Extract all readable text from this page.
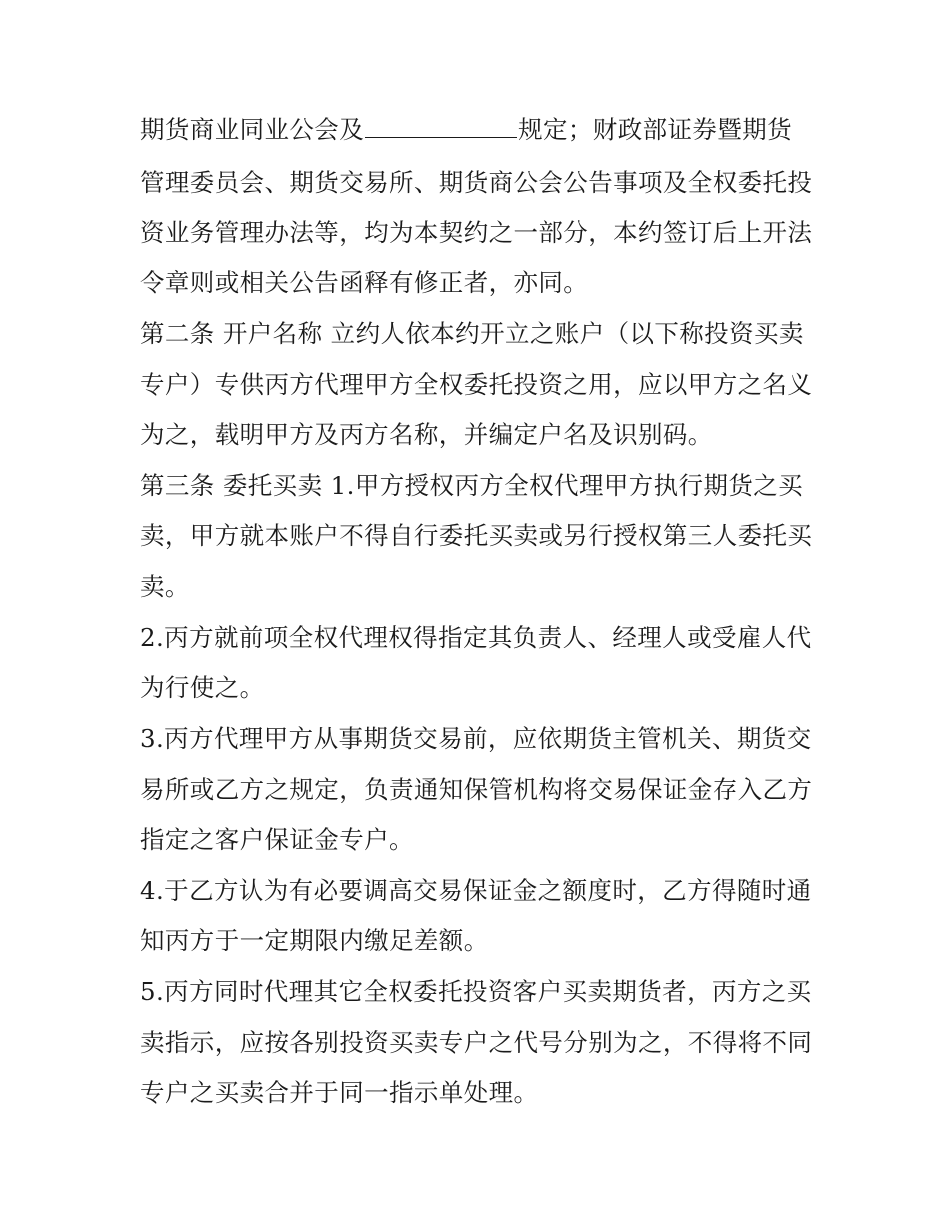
期货商业同业公会及	规定；财政部证券暨期货
管理委员会、期货交易所、期货商公会公告事项及全权委托投
资业务管理办法等，均为本契约之一部分，本约签订后上开法
令章则或相关公告函释有修正者，亦同。
第二条 开户名称 立约人依本约开立之账户（以下称投资买卖
专户）专供丙方代理甲方全权委托投资之用，应以甲方之名义
为之，载明甲方及丙方名称，并编定户名及识别码。
第三条 委托买卖 1.甲方授权丙方全权代理甲方执行期货之买
卖，甲方就本账户不得自行委托买卖或另行授权第三人委托买
卖。
2.丙方就前项全权代理权得指定其负责人、经理人或受雇人代
为行使之。
3.丙方代理甲方从事期货交易前，应依期货主管机关、期货交
易所或乙方之规定，负责通知保管机构将交易保证金存入乙方
指定之客户保证金专户。
4.于乙方认为有必要调高交易保证金之额度时，乙方得随时通
知丙方于一定期限内缴足差额。
5.丙方同时代理其它全权委托投资客户买卖期货者，丙方之买
卖指示，应按各别投资买卖专户之代号分别为之，不得将不同
专户之买卖合并于同一指示单处理。
